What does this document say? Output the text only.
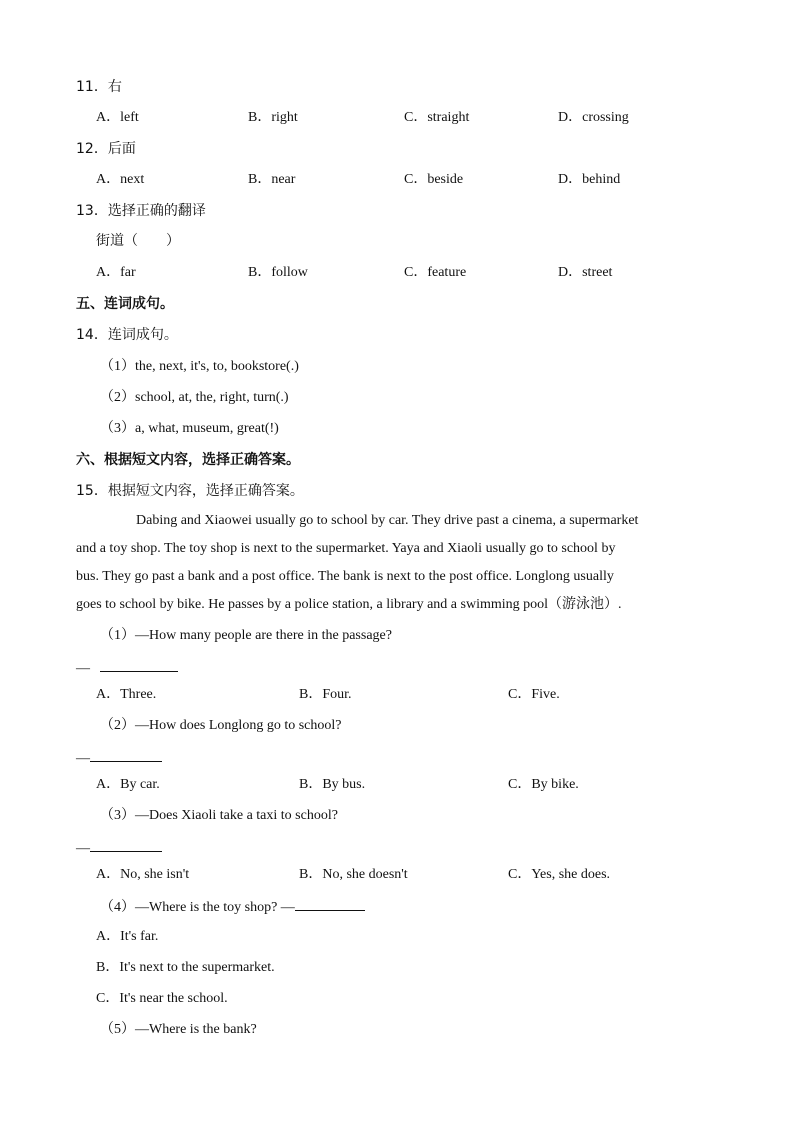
11．右
A．left	B．right	C．straight	D．crossing
12．后面
A．next	B．near	C．beside	D．behind
13．选择正确的翻译
街道（　　）
A．far	B．follow	C．feature	D．street
五、连词成句。
14．连词成句。
（1）the, next, it's, to, bookstore(.)
（2）school, at, the, right, turn(.)
（3）a, what, museum, great(!)
六、根据短文内容，选择正确答案。
15．根据短文内容，选择正确答案。

Dabing and Xiaowei usually go to school by car. They drive past a cinema, a supermarket

and a toy shop. The toy shop is next to the supermarket. Yaya and Xiaoli usually go to school by

bus. They go past a bank and a post office. The bank is next to the post office. Longlong usually

goes to school by bike. He passes by a police station, a library and a swimming pool（游泳池）.

（1）—How many people are there in the passage?
—
A．Three.	B．Four.	C．Five.
（2）—How does Longlong go to school?
—
A．By car.	B．By bus.	C．By bike.
（3）—Does Xiaoli take a taxi to school?
—
A．No, she isn't	B．No, she doesn't	C．Yes, she does.
（4）—Where is the toy shop? —
A．It's far.
B．It's next to the supermarket.
C．It's near the school.
（5）—Where is the bank?
